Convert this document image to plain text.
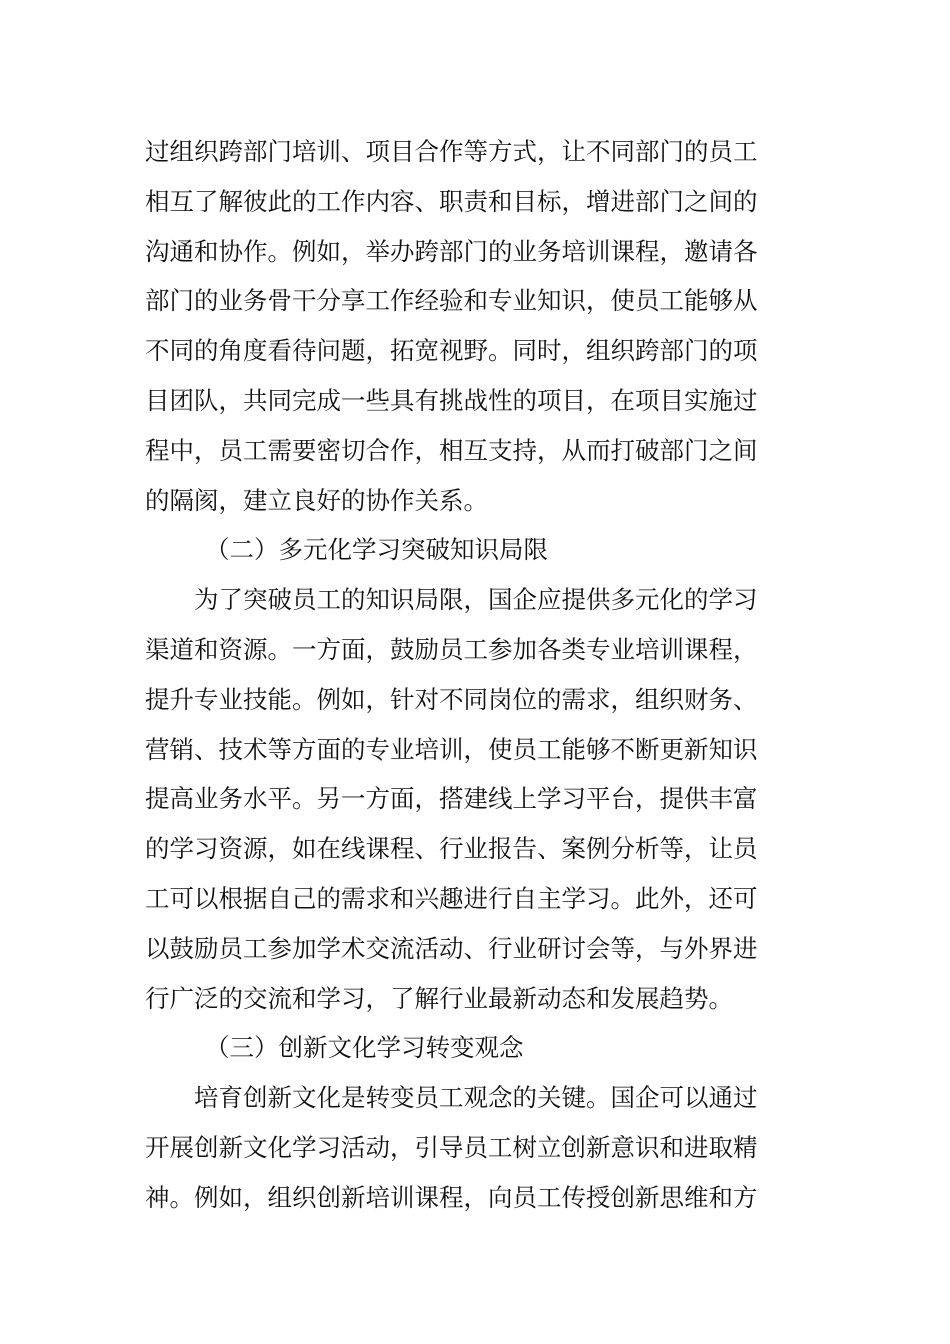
过组织跨部门培训、项目合作等方式，让不同部门的员工
相互了解彼此的工作内容、职责和目标，增进部门之间的
沟通和协作。例如，举办跨部门的业务培训课程，邀请各
部门的业务骨干分享工作经验和专业知识，使员工能够从
不同的角度看待问题，拓宽视野。同时，组织跨部门的项
目团队，共同完成一些具有挑战性的项目，在项目实施过
程中，员工需要密切合作，相互支持，从而打破部门之间
的隔阂，建立良好的协作关系。
（二）多元化学习突破知识局限
为了突破员工的知识局限，国企应提供多元化的学习
渠道和资源。一方面，鼓励员工参加各类专业培训课程，
提升专业技能。例如，针对不同岗位的需求，组织财务、
营销、技术等方面的专业培训，使员工能够不断更新知识
提高业务水平。另一方面，搭建线上学习平台，提供丰富
的学习资源，如在线课程、行业报告、案例分析等，让员
工可以根据自己的需求和兴趣进行自主学习。此外，还可
以鼓励员工参加学术交流活动、行业研讨会等，与外界进
行广泛的交流和学习，了解行业最新动态和发展趋势。
（三）创新文化学习转变观念
培育创新文化是转变员工观念的关键。国企可以通过
开展创新文化学习活动，引导员工树立创新意识和进取精
神。例如，组织创新培训课程，向员工传授创新思维和方
